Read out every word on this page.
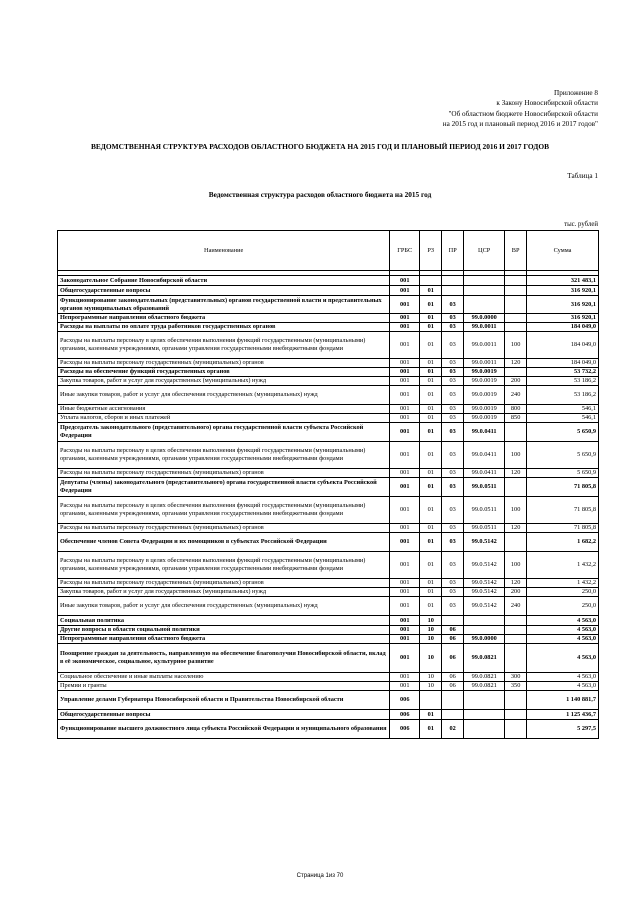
Приложение 8
к Закону Новосибирской области
"Об областном бюджете Новосибирской области
на 2015 год и плановый период 2016 и 2017 годов"
ВЕДОМСТВЕННАЯ СТРУКТУРА РАСХОДОВ ОБЛАСТНОГО БЮДЖЕТА НА 2015 ГОД И ПЛАНОВЫЙ ПЕРИОД 2016 И 2017 ГОДОВ
Таблица 1
Ведомственная структура расходов областного бюджета на 2015 год
тыс. рублей
Наименование	ГРБС	РЗ	ПР	ЦСР	ВР	Сумма

Законодательное Собрание Новосибирской области	001					321 483,1
Общегосударственные вопросы	001	01				316 920,1
Функционирование законодательных (представительных) органов государственной власти и представительных органов муниципальных образований	001	01	03			316 920,1
Непрограммные направления областного бюджета	001	01	03	99.0.0000		316 920,1
Расходы на выплаты по оплате труда работников государственных органов	001	01	03	99.0.0011		184 049,0
Расходы на выплаты персоналу в целях обеспечения выполнения функций государственными (муниципальными) органами, казенными учреждениями, органами управления государственными внебюджетными фондами	001	01	03	99.0.0011	100	184 049,0
Расходы на выплаты персоналу государственных (муниципальных) органов	001	01	03	99.0.0011	120	184 049,0
Расходы на обеспечение функций государственных органов	001	01	03	99.0.0019		53 732,2
Закупка товаров, работ и услуг для государственных (муниципальных) нужд	001	01	03	99.0.0019	200	53 186,2
Иные закупки товаров, работ и услуг для обеспечения государственных (муниципальных) нужд	001	01	03	99.0.0019	240	53 186,2
Иные бюджетные ассигнования	001	01	03	99.0.0019	800	546,1
Уплата налогов, сборов и иных платежей	001	01	03	99.0.0019	850	546,1
Председатель законодательного (представительного) органа государственной власти субъекта Российской Федерации	001	01	03	99.0.0411		5 650,9
Расходы на выплаты персоналу в целях обеспечения выполнения функций государственными (муниципальными) органами, казенными учреждениями, органами управления государственными внебюджетными фондами	001	01	03	99.0.0411	100	5 650,9
Расходы на выплаты персоналу государственных (муниципальных) органов	001	01	03	99.0.0411	120	5 650,9
Депутаты (члены) законодательного (представительного) органа государственной власти субъекта Российской Федерации	001	01	03	99.0.0511		71 805,8
Расходы на выплаты персоналу в целях обеспечения выполнения функций государственными (муниципальными) органами, казенными учреждениями, органами управления государственными внебюджетными фондами	001	01	03	99.0.0511	100	71 805,8
Расходы на выплаты персоналу государственных (муниципальных) органов	001	01	03	99.0.0511	120	71 805,8
Обеспечение членов Совета Федерации и их помощников в субъектах Российской Федерации	001	01	03	99.0.5142		1 682,2
Расходы на выплаты персоналу в целях обеспечения выполнения функций государственными (муниципальными) органами, казенными учреждениями, органами управления государственными внебюджетными фондами	001	01	03	99.0.5142	100	1 432,2
Расходы на выплаты персоналу государственных (муниципальных) органов	001	01	03	99.0.5142	120	1 432,2
Закупка товаров, работ и услуг для государственных (муниципальных) нужд	001	01	03	99.0.5142	200	250,0
Иные закупки товаров, работ и услуг для обеспечения государственных (муниципальных) нужд	001	01	03	99.0.5142	240	250,0
Социальная политика	001	10				4 563,0
Другие вопросы в области социальной политики	001	10	06			4 563,0
Непрограммные направления областного бюджета	001	10	06	99.0.0000		4 563,0
Поощрение граждан за деятельность, направленную на обеспечение благополучия Новосибирской области, вклад в её экономическое, социальное, культурное развитие	001	10	06	99.0.0821		4 563,0
Социальное обеспечение и иные выплаты населению	001	10	06	99.0.0821	300	4 563,0
Премии и гранты	001	10	06	99.0.0821	350	4 563,0
Управление делами Губернатора Новосибирской области и Правительства Новосибирской области	006					1 140 881,7
Общегосударственные вопросы	006	01				1 125 436,7
Функционирование высшего должностного лица субъекта Российской Федерации и муниципального образования	006	01	02			5 297,5
Страница 1из 70
